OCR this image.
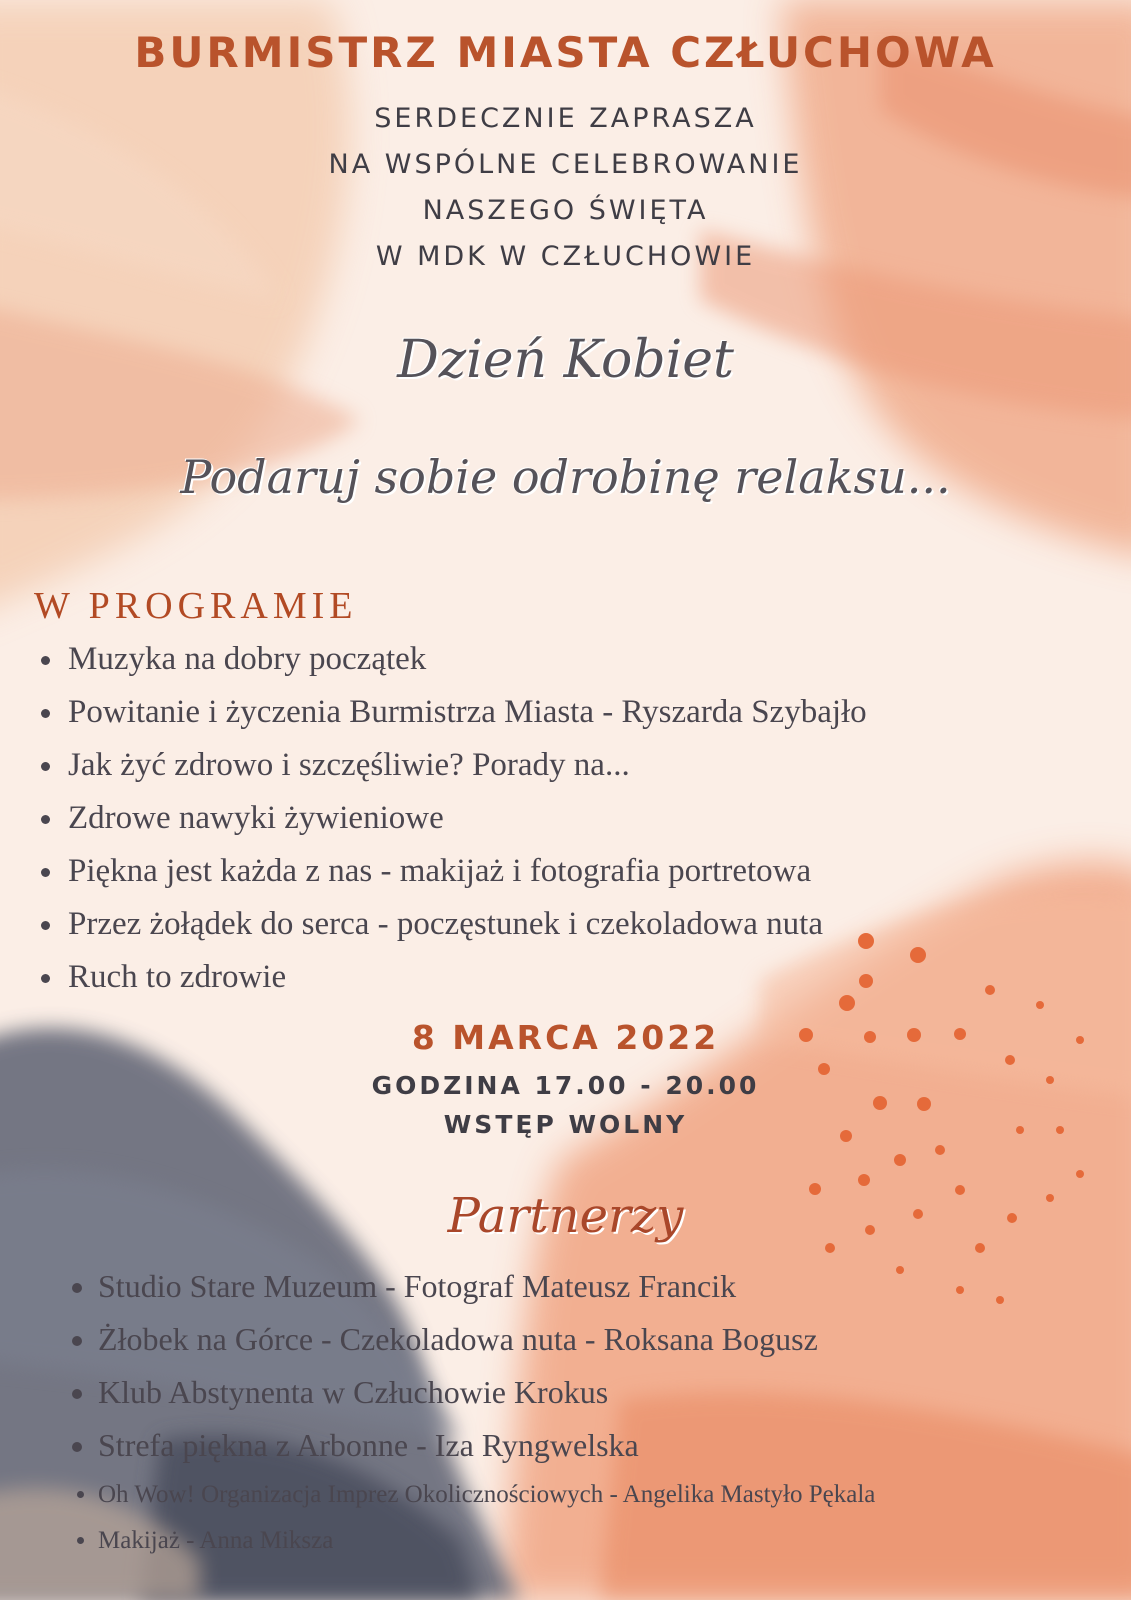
BURMISTRZ MIASTA CZŁUCHOWA
SERDECZNIE ZAPRASZA
NA WSPÓLNE CELEBROWANIE
NASZEGO ŚWIĘTA
W MDK W CZŁUCHOWIE
Dzień Kobiet
Podaruj sobie odrobinę relaksu...
W PROGRAMIE
• Muzyka na dobry początek
• Powitanie i życzenia Burmistrza Miasta - Ryszarda Szybajło
• Jak żyć zdrowo i szczęśliwie? Porady na...
• Zdrowe nawyki żywieniowe
• Piękna jest każda z nas - makijaż i fotografia portretowa
• Przez żołądek do serca - poczęstunek i czekoladowa nuta
• Ruch to zdrowie
8 MARCA 2022
GODZINA 17.00 - 20.00
WSTĘP WOLNY
Partnerzy
• Studio Stare Muzeum - Fotograf Mateusz Francik
• Żłobek na Górce - Czekoladowa nuta - Roksana Bogusz
• Klub Abstynenta w Człuchowie Krokus
• Strefa piękna z Arbonne - Iza Ryngwelska
• Oh Wow! Organizacja Imprez Okolicznościowych - Angelika Mastyło Pękala
• Makijaż - Anna Miksza
